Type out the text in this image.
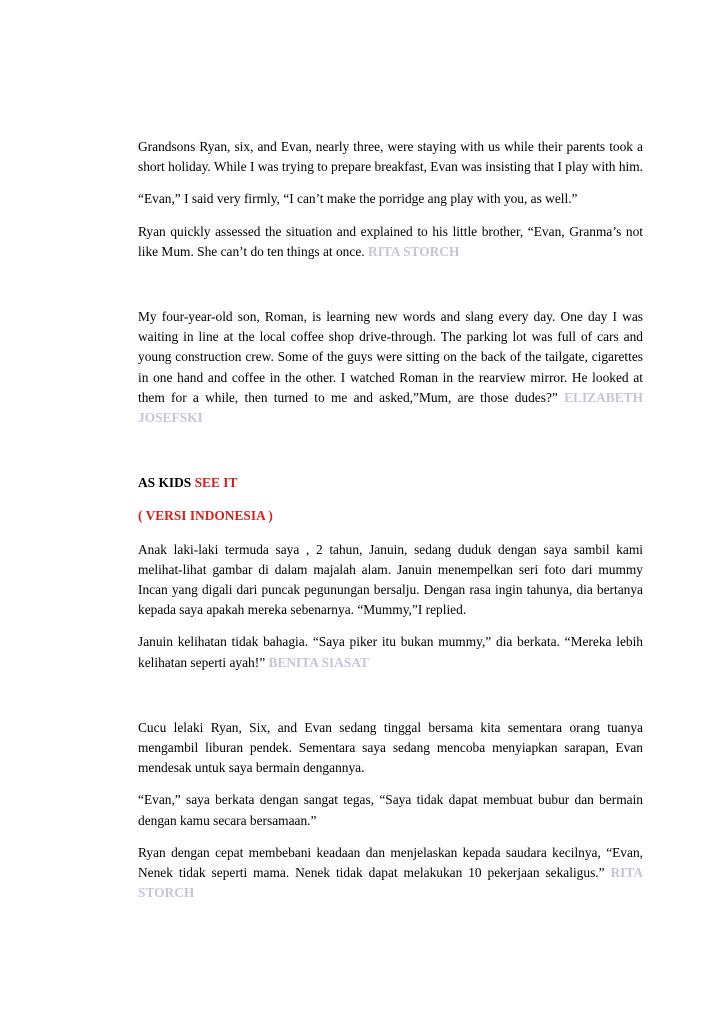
Grandsons Ryan, six, and Evan, nearly three, were staying with us while their parents took a short holiday. While I was trying to prepare breakfast, Evan was insisting that I play with him.

“Evan,” I said very firmly, “I can’t make the porridge ang play with you, as well.”

Ryan quickly assessed the situation and explained to his little brother, “Evan, Granma’s not like Mum. She can’t do ten things at once. RITA STORCH

My four-year-old son, Roman, is learning new words and slang every day. One day I was waiting in line at the local coffee shop drive-through. The parking lot was full of cars and young construction crew. Some of the guys were sitting on the back of the tailgate, cigarettes in one hand and coffee in the other. I watched Roman in the rearview mirror. He looked at them for a while, then turned to me and asked,”Mum, are those dudes?” ELIZABETH JOSEFSKI

AS KIDS SEE IT

( VERSI INDONESIA )

Anak laki-laki termuda saya , 2 tahun, Januin, sedang duduk dengan saya sambil kami melihat-lihat gambar di dalam majalah alam. Januin menempelkan seri foto dari mummy Incan yang digali dari puncak pegunungan bersalju. Dengan rasa ingin tahunya, dia bertanya kepada saya apakah mereka sebenarnya. “Mummy,”I replied.

Januin kelihatan tidak bahagia. “Saya piker itu bukan mummy,” dia berkata. “Mereka lebih kelihatan seperti ayah!” BENITA SIASAT

Cucu lelaki Ryan, Six, and Evan sedang tinggal bersama kita sementara orang tuanya mengambil liburan pendek. Sementara saya sedang mencoba menyiapkan sarapan, Evan mendesak untuk saya bermain dengannya.

“Evan,” saya berkata dengan sangat tegas, “Saya tidak dapat membuat bubur dan bermain dengan kamu secara bersamaan.”

Ryan dengan cepat membebani keadaan dan menjelaskan kepada saudara kecilnya, “Evan, Nenek tidak seperti mama. Nenek tidak dapat melakukan 10 pekerjaan sekaligus.” RITA STORCH
